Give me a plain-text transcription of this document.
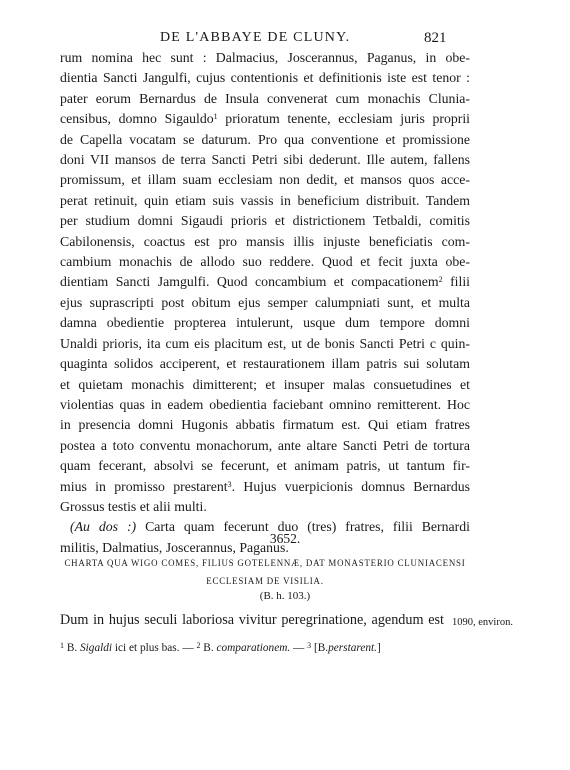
DE L'ABBAYE DE CLUNY.	821
rum nomina hec sunt : Dalmacius, Joscerannus, Paganus, in obe-
dientia Sancti Jangulfi, cujus contentionis et definitionis iste est tenor :
pater eorum Bernardus de Insula convenerat cum monachis Clunia-
censibus, domno Sigauldo$^1$ prioratum tenente, ecclesiam juris proprii
de Capella vocatam se daturum. Pro qua conventione et promissione
doni VII mansos de terra Sancti Petri sibi dederunt. Ille autem, fallens
promissum, et illam suam ecclesiam non dedit, et mansos quos acce-
perat retinuit, quin etiam suis vassis in beneficium distribuit. Tandem
per studium domni Sigaudi prioris et districtionem Tetbaldi, comitis
Cabilonensis, coactus est pro mansis illis injuste beneficiatis com-
cambium monachis de allodo suo reddere. Quod et fecit juxta obe-
dientiam Sancti Jamgulfi. Quod concambium et compacationem$^2$ filii
ejus suprascripti post obitum ejus semper calumpniati sunt, et multa
damna obedientie propterea intulerunt, usque dum tempore domni
Unaldi prioris, ita cum eis placitum est, ut de bonis Sancti Petri c quin-
quaginta solidos acciperent, et restaurationem illam patris sui solutam
et quietam monachis dimitterent; et insuper malas consuetudines et
violentias quas in eadem obedientia faciebant omnino remitterent. Hoc
in presencia domni Hugonis abbatis firmatum est. Qui etiam fratres
postea a toto conventu monachorum, ante altare Sancti Petri de tortura
quam fecerant, absolvi se fecerunt, et animam patris, ut tantum fir-
mius in promisso prestarent$^3$. Hujus vuerpicionis domnus Bernardus
Grossus testis et alii multi.
(Au dos :) Carta quam fecerunt duo (tres) fratres, filii Bernardi
militis, Dalmatius, Joscerannus, Paganus.
3652.
CHARTA QUA WIGO COMES, FILIUS GOTELENNÆ, DAT MONASTERIO CLUNIACENSI
ECCLESIAM DE VISILIA.
(B. h. 103.)
Dum in hujus seculi laboriosa vivitur peregrinatione, agendum est 1090, environ.
$^1$ B. Sigaldi ici et plus bas. — $^2$ B. comparationem. — $^3$ [B.perstarent.]
